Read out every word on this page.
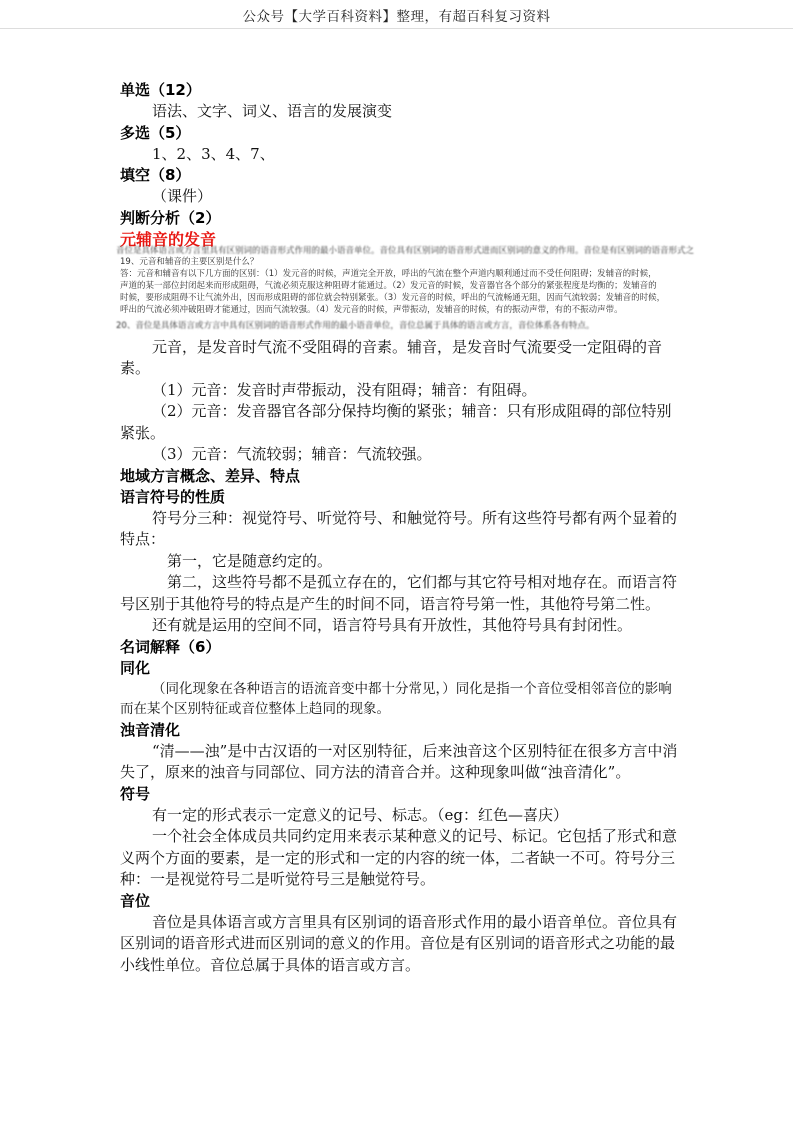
公众号【大学百科资料】整理，有超百科复习资料
单选（12）
语法、文字、词义、语言的发展演变
多选（5）
1、2、3、4、7、
填空（8）
（课件）
判断分析（2）
元辅音的发音
音位是具体语言或方言里具有区别词的语音形式作用的最小语音单位。音位具有区别词的语音形式进而区别词的意义的作用。音位是有区别词的语音形式之
19、元音和辅音的主要区别是什么？
答：元音和辅音有以下几方面的区别：（1）发元音的时候，声道完全开放，呼出的气流在整个声道内顺利通过而不受任何阻碍；发辅音的时候，
声道的某一部位封闭起来而形成阻碍，气流必须克服这种阻碍才能通过。（2）发元音的时候，发音器官各个部分的紧张程度是均衡的；发辅音的
时候，要形成阻碍不让气流外出，因而形成阻碍的部位就会特别紧张。（3）发元音的时候，呼出的气流畅通无阻，因而气流较弱；发辅音的时候，
呼出的气流必须冲破阻碍才能通过，因而气流较强。（4）发元音的时候，声带振动，发辅音的时候，有的振动声带，有的不振动声带。
20、音位是具体语言或方言中具有区别词的语音形式作用的最小语音单位，音位总属于具体的语言或方言，音位体系各有特点。
元音，是发音时气流不受阻碍的音素。辅音，是发音时气流要受一定阻碍的音素。
（1）元音：发音时声带振动，没有阻碍；辅音：有阻碍。
（2）元音：发音器官各部分保持均衡的紧张；辅音：只有形成阻碍的部位特别紧张。
（3）元音：气流较弱；辅音：气流较强。
地域方言概念、差异、特点
语言符号的性质
符号分三种：视觉符号、听觉符号、和触觉符号。所有这些符号都有两个显着的特点：
第一，它是随意约定的。
第二，这些符号都不是孤立存在的，它们都与其它符号相对地存在。而语言符号区别于其他符号的特点是产生的时间不同，语言符号第一性，其他符号第二性。
还有就是运用的空间不同，语言符号具有开放性，其他符号具有封闭性。
名词解释（6）
同化
（同化现象在各种语言的语流音变中都十分常见，）同化是指一个音位受相邻音位的影响而在某个区别特征或音位整体上趋同的现象。
浊音清化
“清——浊”是中古汉语的一对区别特征，后来浊音这个区别特征在很多方言中消失了，原来的浊音与同部位、同方法的清音合并。这种现象叫做“浊音清化”。
符号
有一定的形式表示一定意义的记号、标志。（eg：红色—喜庆）
一个社会全体成员共同约定用来表示某种意义的记号、标记。它包括了形式和意义两个方面的要素，是一定的形式和一定的内容的统一体，二者缺一不可。符号分三种：一是视觉符号二是听觉符号三是触觉符号。
音位
音位是具体语言或方言里具有区别词的语音形式作用的最小语音单位。音位具有区别词的语音形式进而区别词的意义的作用。音位是有区别词的语音形式之功能的最小线性单位。音位总属于具体的语言或方言。
